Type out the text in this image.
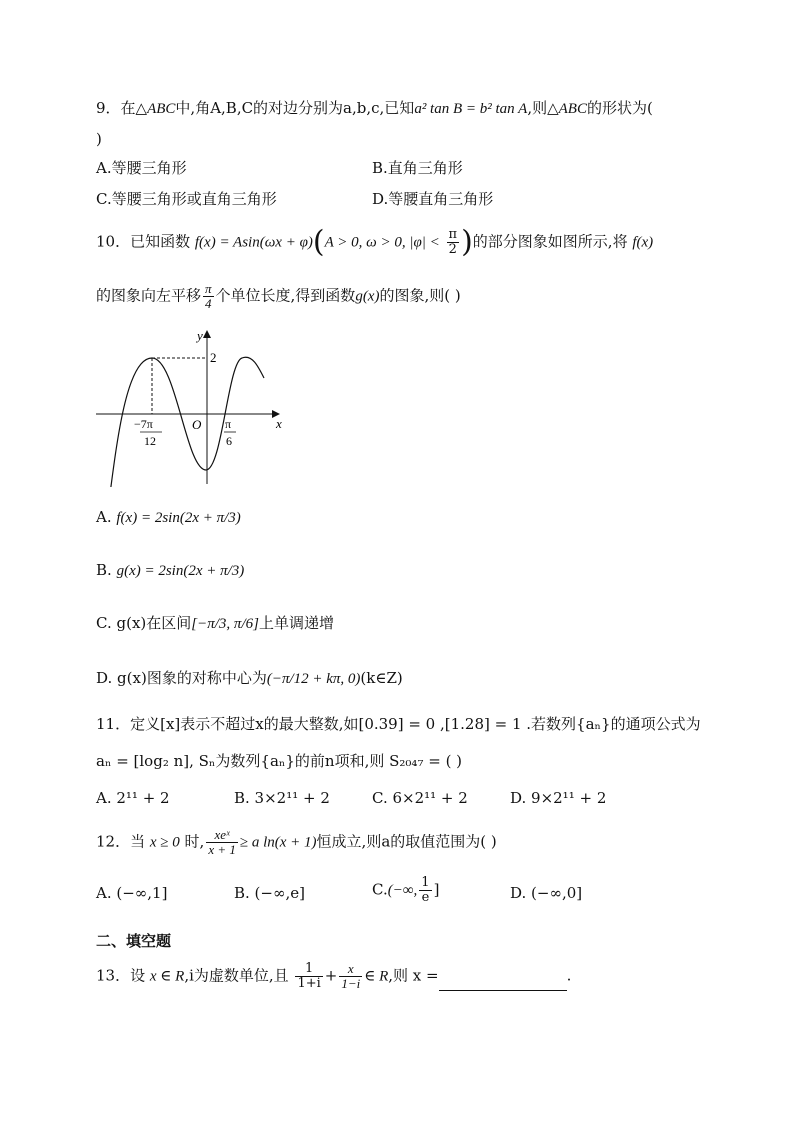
9．在△ABC中,角A,B,C的对边分别为a,b,c,已知a² tan B = b² tan A,则△ABC的形状为(
)
A.等腰三角形	B.直角三角形
C.等腰三角形或直角三角形	D.等腰直角三角形
10．已知函数 f(x) = Asin(ωx + φ)(A > 0, ω > 0, $|\varphi| < \frac{\pi}{2}$ )的部分图象如图所示,将 f(x)
的图象向左平移 $\frac{\pi}{4}$ 个单位长度,得到函数g(x)的图象,则( )
y
x
O
2
−7π
12
π
6
A. f(x) = 2sin(2x + π/3)
B. g(x) = 2sin(2x + π/3)
C. g(x)在区间[−π/3, π/6]上单调递增
D. g(x)图象的对称中心为(−π/12 + kπ, 0)(k∈Z)
11．定义[x]表示不超过x的最大整数,如[0.39] = 0 ,[1.28] = 1 .若数列{aₙ}的通项公式为
aₙ = [log₂ n], Sₙ为数列{aₙ}的前n项和,则 S₂₀₄₇ = ( )
A. 2¹¹ + 2	B. 3×2¹¹ + 2	C. 6×2¹¹ + 2	D. 9×2¹¹ + 2
12．当 x ≥ 0 时, $\frac{\text{xeˣ}}{x + 1} \ge a$ ln(x + 1)恒成立,则a的取值范围为( )
A. (−∞,1]	B. (−∞,e]	C.(−∞, $\frac{1}{e}$ ]	D. (−∞,0]
二、填空题
13．设 x ∈ R,i为虚数单位,且 $\frac{1}{1+i} + \frac{x}{1-i}$ ∈ R,则 x =	.
